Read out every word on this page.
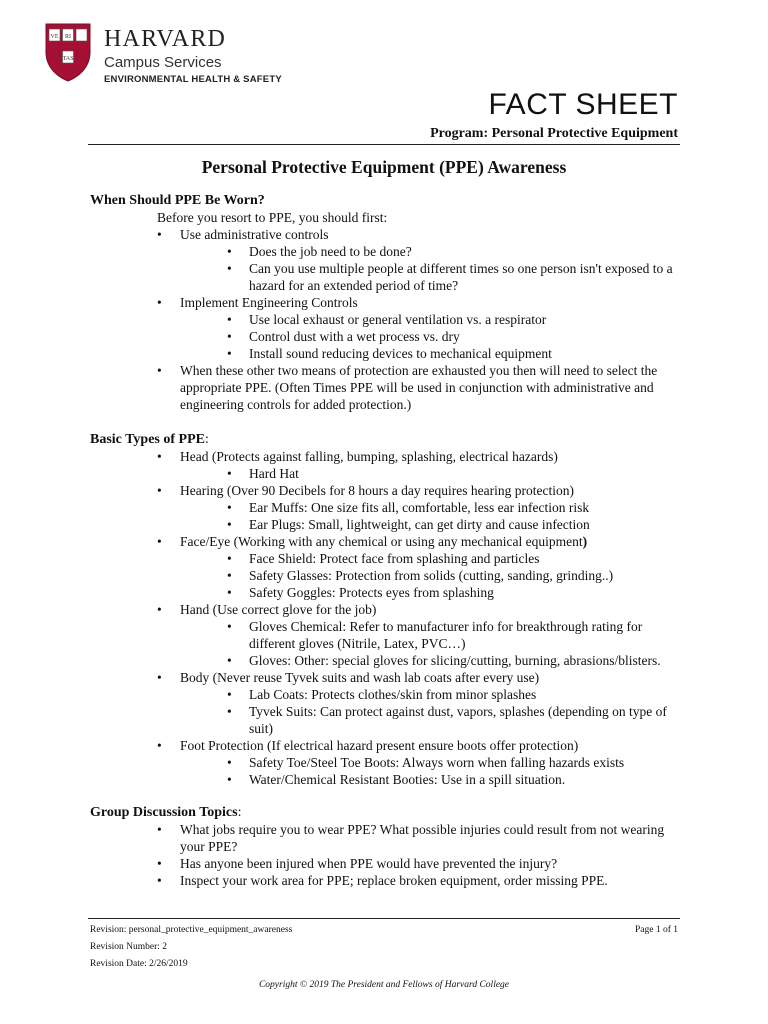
VE RI
TAS
HARVARD
Campus Services
ENVIRONMENTAL HEALTH & SAFETY
FACT SHEET
Program: Personal Protective Equipment
Personal Protective Equipment (PPE) Awareness

When Should PPE Be Worn?

Before you resort to PPE, you should first:

• Use administrative controls
• Does the job need to be done?
• Can you use multiple people at different times so one person isn't exposed to a hazard for an extended period of time?
• Implement Engineering Controls
• Use local exhaust or general ventilation vs. a respirator
• Control dust with a wet process vs. dry
• Install sound reducing devices to mechanical equipment
• When these other two means of protection are exhausted you then will need to select the appropriate PPE. (Often Times PPE will be used in conjunction with administrative and engineering controls for added protection.)

Basic Types of PPE:

• Head (Protects against falling, bumping, splashing, electrical hazards)
• Hard Hat
• Hearing (Over 90 Decibels for 8 hours a day requires hearing protection)
• Ear Muffs: One size fits all, comfortable, less ear infection risk
• Ear Plugs: Small, lightweight, can get dirty and cause infection
• Face/Eye (Working with any chemical or using any mechanical equipment)
• Face Shield: Protect face from splashing and particles
• Safety Glasses: Protection from solids (cutting, sanding, grinding..)
• Safety Goggles: Protects eyes from splashing
• Hand (Use correct glove for the job)
• Gloves Chemical: Refer to manufacturer info for breakthrough rating for different gloves (Nitrile, Latex, PVC…)
• Gloves: Other: special gloves for slicing/cutting, burning, abrasions/blisters.
• Body (Never reuse Tyvek suits and wash lab coats after every use)
• Lab Coats: Protects clothes/skin from minor splashes
• Tyvek Suits: Can protect against dust, vapors, splashes (depending on type of suit)
• Foot Protection (If electrical hazard present ensure boots offer protection)
• Safety Toe/Steel Toe Boots: Always worn when falling hazards exists
• Water/Chemical Resistant Booties: Use in a spill situation.

Group Discussion Topics:

• What jobs require you to wear PPE? What possible injuries could result from not wearing your PPE?
• Has anyone been injured when PPE would have prevented the injury?
• Inspect your work area for PPE; replace broken equipment, order missing PPE.
Revision: personal_protective_equipment_awareness
Revision Number: 2
Revision Date: 2/26/2019
Page 1 of 1
Copyright © 2019 The President and Fellows of Harvard College
